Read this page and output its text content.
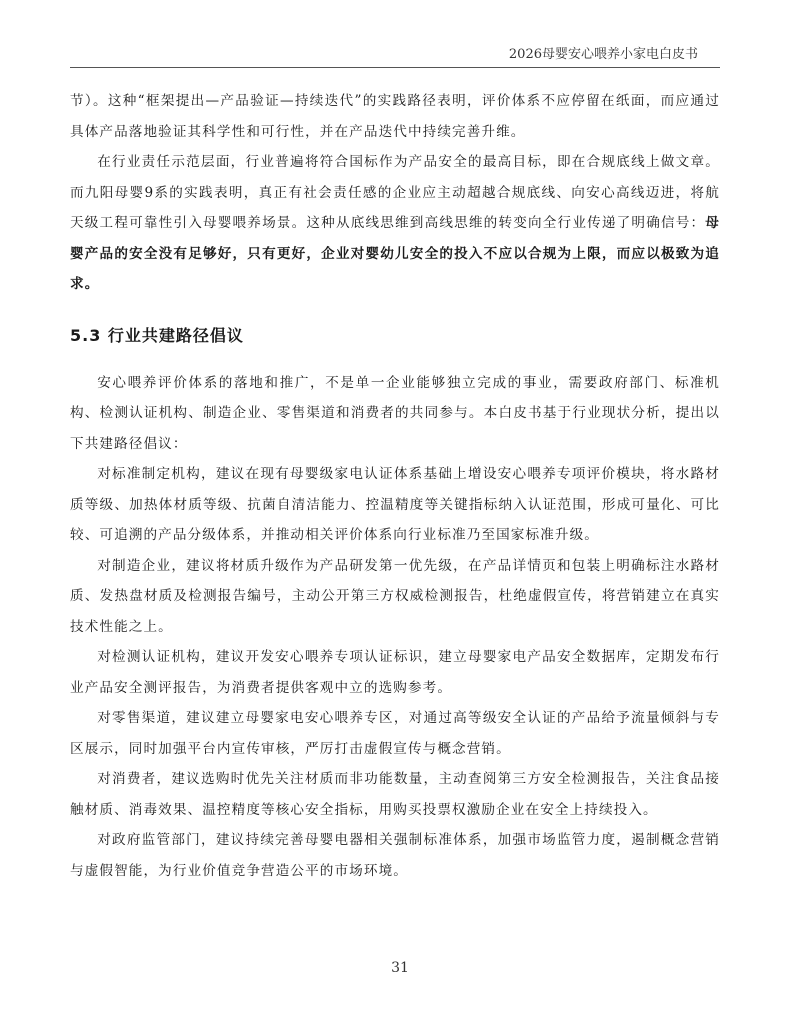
2026母婴安心喂养小家电白皮书

节）。这种“框架提出—产品验证—持续迭代”的实践路径表明，评价体系不应停留在纸面，而应通过具体产品落地验证其科学性和可行性，并在产品迭代中持续完善升维。

在行业责任示范层面，行业普遍将符合国标作为产品安全的最高目标，即在合规底线上做文章。而九阳母婴9系的实践表明，真正有社会责任感的企业应主动超越合规底线、向安心高线迈进，将航天级工程可靠性引入母婴喂养场景。这种从底线思维到高线思维的转变向全行业传递了明确信号：母婴产品的安全没有足够好，只有更好，企业对婴幼儿安全的投入不应以合规为上限，而应以极致为追求。

5.3 行业共建路径倡议

安心喂养评价体系的落地和推广，不是单一企业能够独立完成的事业，需要政府部门、标准机构、检测认证机构、制造企业、零售渠道和消费者的共同参与。本白皮书基于行业现状分析，提出以下共建路径倡议：

对标准制定机构，建议在现有母婴级家电认证体系基础上增设安心喂养专项评价模块，将水路材质等级、加热体材质等级、抗菌自清洁能力、控温精度等关键指标纳入认证范围，形成可量化、可比较、可追溯的产品分级体系，并推动相关评价体系向行业标准乃至国家标准升级。

对制造企业，建议将材质升级作为产品研发第一优先级，在产品详情页和包装上明确标注水路材质、发热盘材质及检测报告编号，主动公开第三方权威检测报告，杜绝虚假宣传，将营销建立在真实技术性能之上。

对检测认证机构，建议开发安心喂养专项认证标识，建立母婴家电产品安全数据库，定期发布行业产品安全测评报告，为消费者提供客观中立的选购参考。

对零售渠道，建议建立母婴家电安心喂养专区，对通过高等级安全认证的产品给予流量倾斜与专区展示，同时加强平台内宣传审核，严厉打击虚假宣传与概念营销。

对消费者，建议选购时优先关注材质而非功能数量，主动查阅第三方安全检测报告，关注食品接触材质、消毒效果、温控精度等核心安全指标，用购买投票权激励企业在安全上持续投入。

对政府监管部门，建议持续完善母婴电器相关强制标准体系，加强市场监管力度，遏制概念营销与虚假智能，为行业价值竞争营造公平的市场环境。

31
